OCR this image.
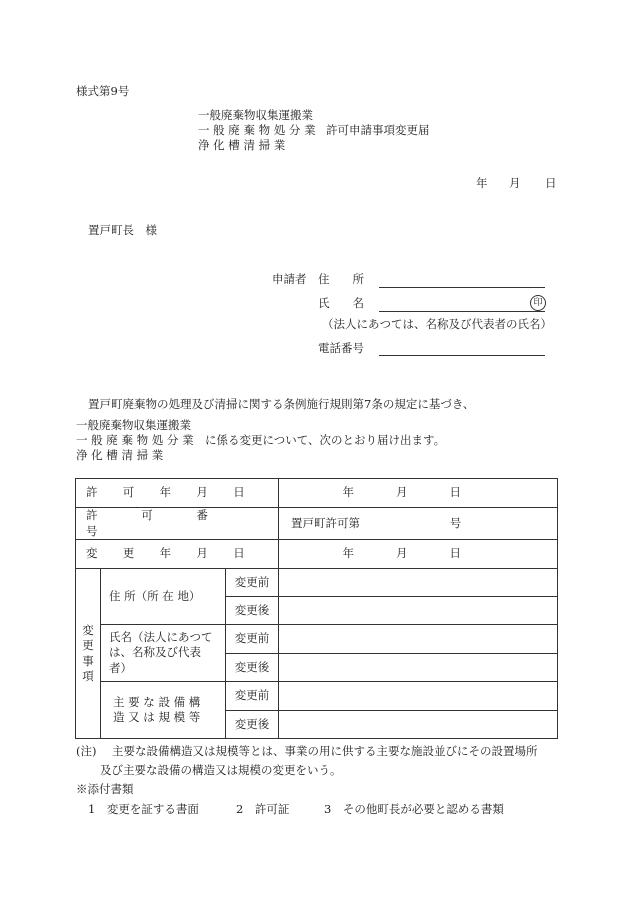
様式第9号
一般廃棄物収集運搬業
一 般 廃 棄 物 処 分 業 許可申請事項変更届
浄 化 槽 清 掃 業
年 月 日
置戸町長　様
申請者 住　　所
氏　　名	印
（法人にあつては、名称及び代表者の氏名）
電話番号
置戸町廃棄物の処理及び清掃に関する条例施行規則第7条の規定に基づき、
一般廃棄物収集運搬業
一 般 廃 棄 物 処 分 業 に係る変更について、次のとおり届け出ます。
浄 化 槽 清 掃 業
許　可　年　月　日			年 月 日

許　可　番　号			置戸町許可第 号
変　更　年　月　日			年 月 日

変
更
事
項	住 所（所 在 地）	変更前	
		変更後	
	氏名（法人にあつて は、名称及び代表者）	変更前	
		変更後	
	主 要 な 設 備 構 造 又 は 規 模 等	変更前	
		変更後	
(注) 主要な設備構造又は規模等とは、事業の用に供する主要な施設並びにその設置場所
及び主要な設備の構造又は規模の変更をいう。
※添付書類
1　変更を証する書面	2　許可証	3　その他町長が必要と認める書類
